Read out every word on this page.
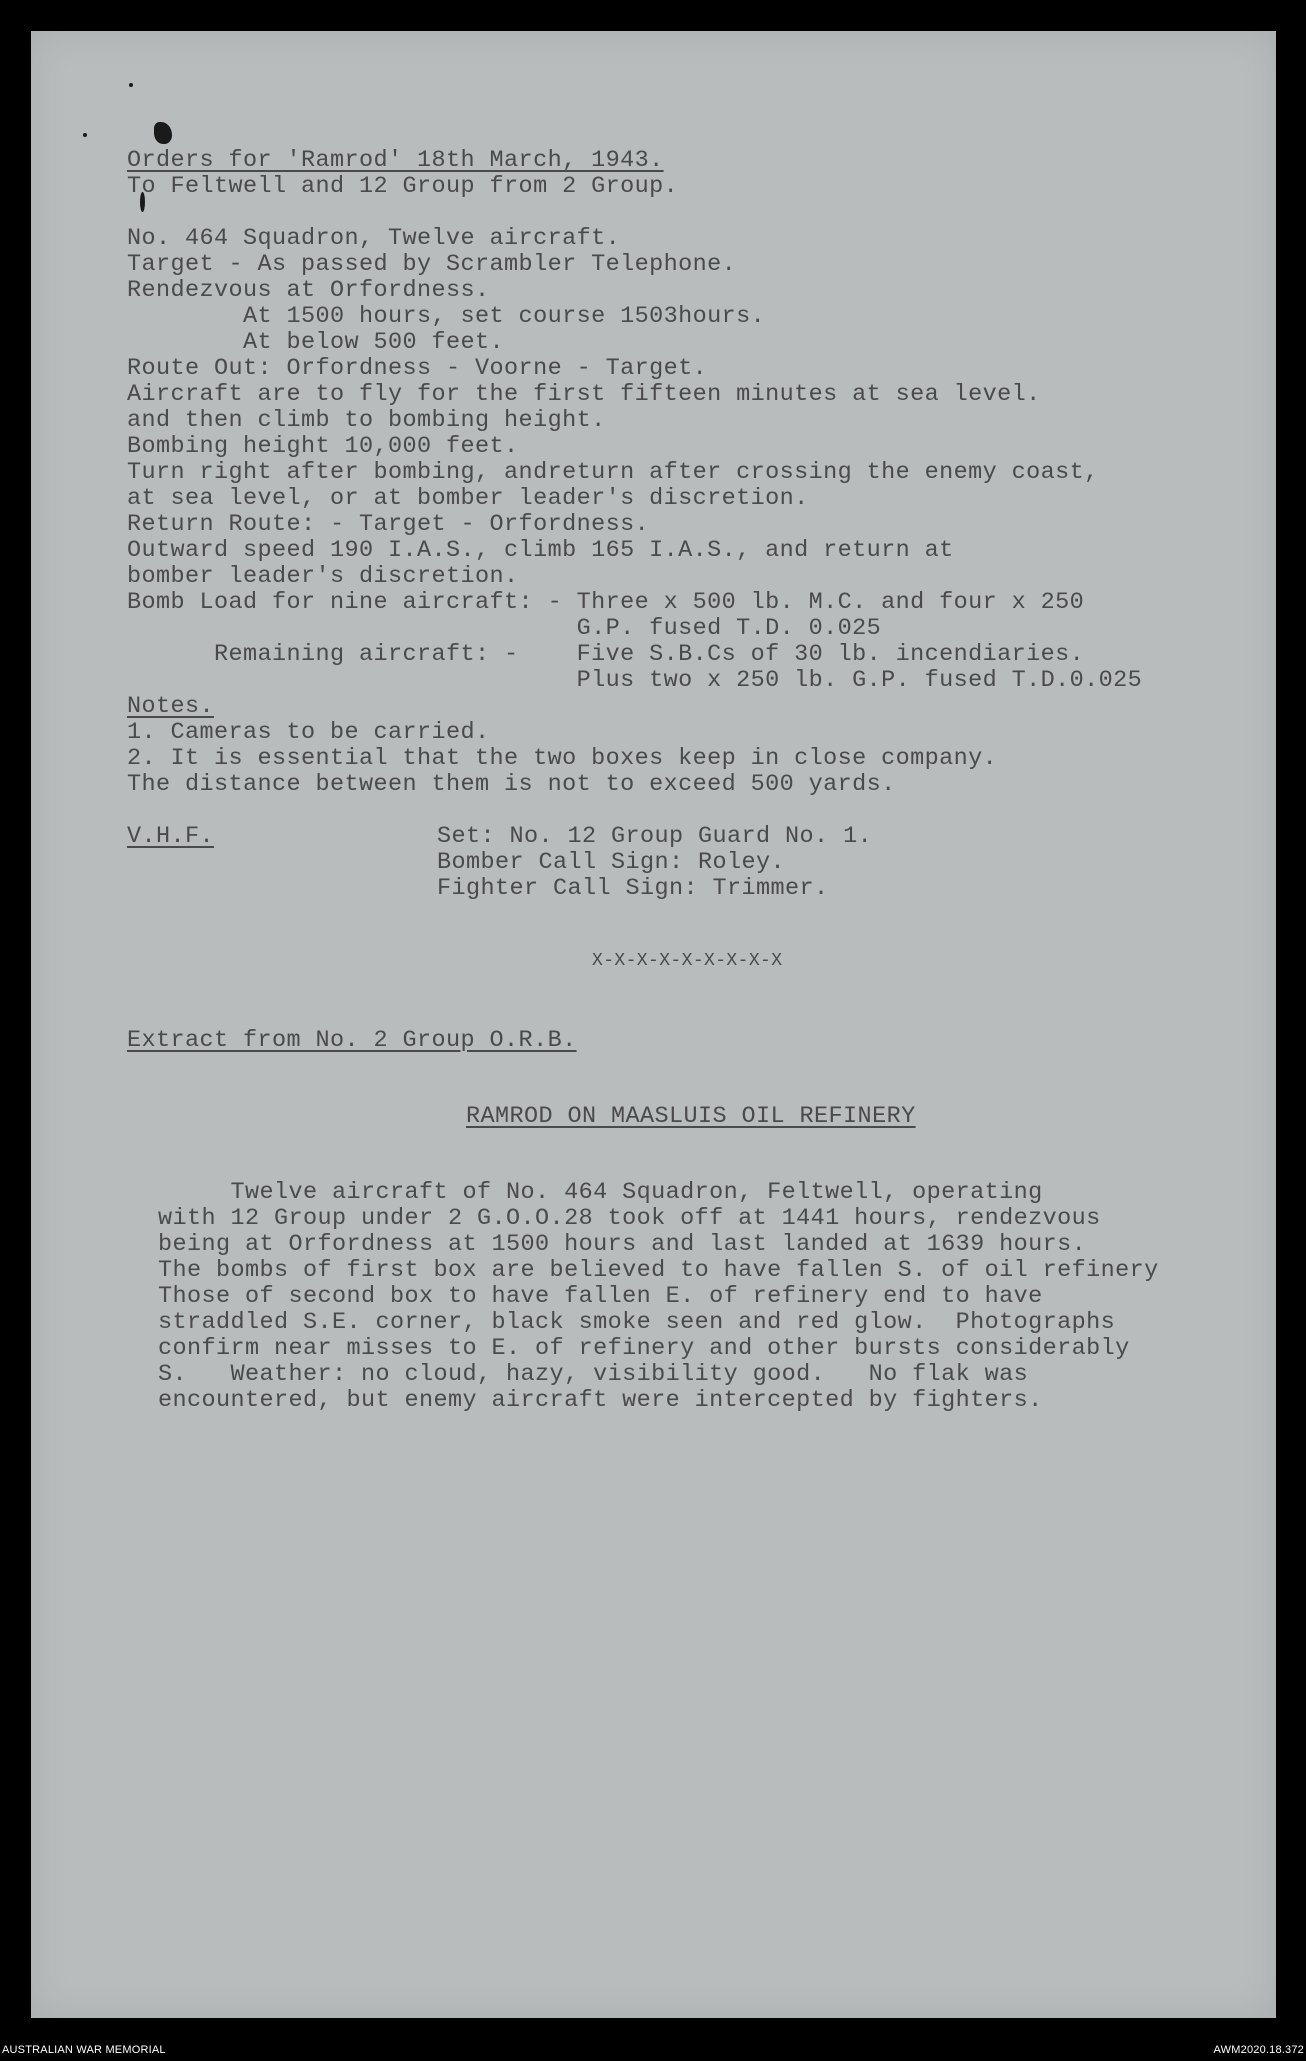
Orders for 'Ramrod' 18th March, 1943.
To Feltwell and 12 Group from 2 Group.
No. 464 Squadron, Twelve aircraft.
Target - As passed by Scrambler Telephone.
Rendezvous at Orfordness.
At 1500 hours, set course 1503hours.
At below 500 feet.
Route Out: Orfordness - Voorne - Target.
Aircraft are to fly for the first fifteen minutes at sea level.
and then climb to bombing height.
Bombing height 10,000 feet.
Turn right after bombing, andreturn after crossing the enemy coast,
at sea level, or at bomber leader's discretion.
Return Route: - Target - Orfordness.
Outward speed 190 I.A.S., climb 165 I.A.S., and return at
bomber leader's discretion.
Bomb Load for nine aircraft: - Three x 500 lb. M.C. and four x 250
G.P. fused T.D. 0.025
Remaining aircraft: -    Five S.B.Cs of 30 lb. incendiaries.
Plus two x 250 lb. G.P. fused T.D.0.025
Notes.
1. Cameras to be carried.
2. It is essential that the two boxes keep in close company.
The distance between them is not to exceed 500 yards.
V.H.F.	Set: No. 12 Group Guard No. 1.
Bomber Call Sign: Roley.
Fighter Call Sign: Trimmer.
X-X-X-X-X-X-X-X-X
Extract from No. 2 Group O.R.B.
RAMROD ON MAASLUIS OIL REFINERY
Twelve aircraft of No. 464 Squadron, Feltwell, operating
with 12 Group under 2 G.O.O.28 took off at 1441 hours, rendezvous
being at Orfordness at 1500 hours and last landed at 1639 hours.
The bombs of first box are believed to have fallen S. of oil refinery
Those of second box to have fallen E. of refinery end to have
straddled S.E. corner, black smoke seen and red glow.  Photographs
confirm near misses to E. of refinery and other bursts considerably
S.   Weather: no cloud, hazy, visibility good.   No flak was
encountered, but enemy aircraft were intercepted by fighters.
AUSTRALIAN WAR MEMORIAL	AWM2020.18.372
